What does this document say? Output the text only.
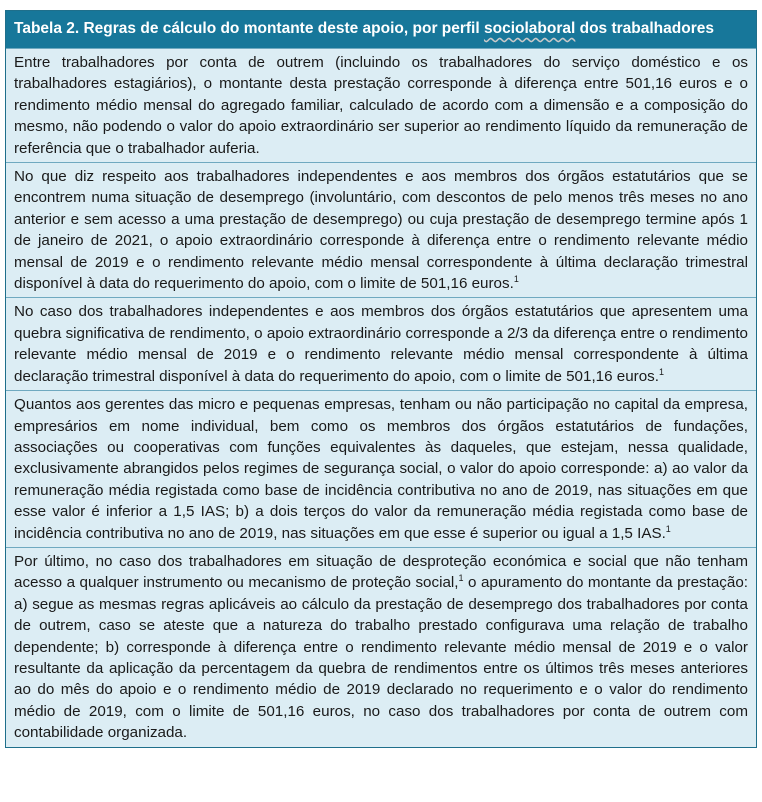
Tabela 2. Regras de cálculo do montante deste apoio, por perfil sociolaboral dos trabalhadores
Entre trabalhadores por conta de outrem (incluindo os trabalhadores do serviço doméstico e os trabalhadores estagiários), o montante desta prestação corresponde à diferença entre 501,16 euros e o rendimento médio mensal do agregado familiar, calculado de acordo com a dimensão e a composição do mesmo, não podendo o valor do apoio extraordinário ser superior ao rendimento líquido da remuneração de referência que o trabalhador auferia.
No que diz respeito aos trabalhadores independentes e aos membros dos órgãos estatutários que se encontrem numa situação de desemprego (involuntário, com descontos de pelo menos três meses no ano anterior e sem acesso a uma prestação de desemprego) ou cuja prestação de desemprego termine após 1 de janeiro de 2021, o apoio extraordinário corresponde à diferença entre o rendimento relevante médio mensal de 2019 e o rendimento relevante médio mensal correspondente à última declaração trimestral disponível à data do requerimento do apoio, com o limite de 501,16 euros.$^1$
No caso dos trabalhadores independentes e aos membros dos órgãos estatutários que apresentem uma quebra significativa de rendimento, o apoio extraordinário corresponde a 2/3 da diferença entre o rendimento relevante médio mensal de 2019 e o rendimento relevante médio mensal correspondente à última declaração trimestral disponível à data do requerimento do apoio, com o limite de 501,16 euros.$^1$
Quantos aos gerentes das micro e pequenas empresas, tenham ou não participação no capital da empresa, empresários em nome individual, bem como os membros dos órgãos estatutários de fundações, associações ou cooperativas com funções equivalentes às daqueles, que estejam, nessa qualidade, exclusivamente abrangidos pelos regimes de segurança social, o valor do apoio corresponde: a) ao valor da remuneração média registada como base de incidência contributiva no ano de 2019, nas situações em que esse valor é inferior a 1,5 IAS; b) a dois terços do valor da remuneração média registada como base de incidência contributiva no ano de 2019, nas situações em que esse é superior ou igual a 1,5 IAS.$^1$
Por último, no caso dos trabalhadores em situação de desproteção económica e social que não tenham acesso a qualquer instrumento ou mecanismo de proteção social,$^1$ o apuramento do montante da prestação: a) segue as mesmas regras aplicáveis ao cálculo da prestação de desemprego dos trabalhadores por conta de outrem, caso se ateste que a natureza do trabalho prestado configurava uma relação de trabalho dependente; b) corresponde à diferença entre o rendimento relevante médio mensal de 2019 e o valor resultante da aplicação da percentagem da quebra de rendimentos entre os últimos três meses anteriores ao do mês do apoio e o rendimento médio de 2019 declarado no requerimento e o valor do rendimento médio de 2019, com o limite de 501,16 euros, no caso dos trabalhadores por conta de outrem com contabilidade organizada.
